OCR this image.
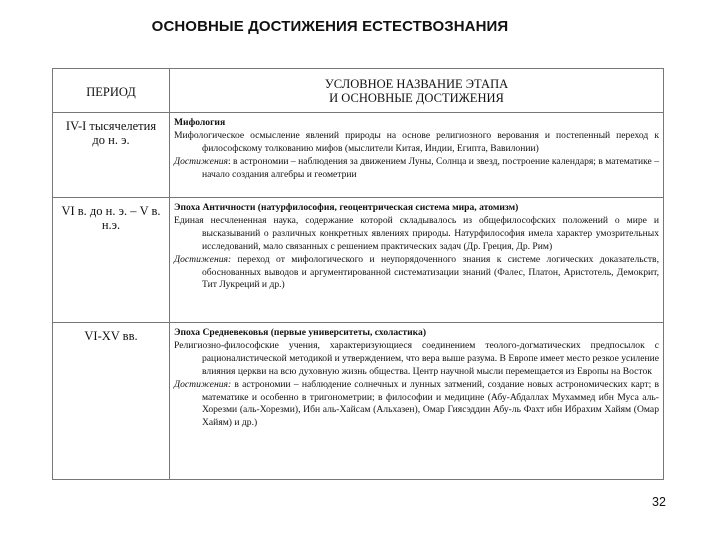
ОСНОВНЫЕ ДОСТИЖЕНИЯ ЕСТЕСТВОЗНАНИЯ
ПЕРИОД	УСЛОВНОЕ НАЗВАНИЕ ЭТАПА
И ОСНОВНЫЕ ДОСТИЖЕНИЯ
IV-I тысячелетия до н. э.	Мифология
Мифологическое осмысление явлений природы на основе религиозного верования и постепенный переход к философскому толкованию мифов (мыслители Китая, Индии, Египта, Вавилонии)
Достижения: в астрономии – наблюдения за движением Луны, Солнца и звезд, построение календаря; в математике – начало создания алгебры и геометрии

VI в. до н. э. – V в. н.э.	Эпоха Античности (натурфилософия, геоцентрическая система мира, атомизм)
Единая несчлененная наука, содержание которой складывалось из общефилософских положений о мире и высказываний о различных конкретных явлениях природы. Натурфилософия имела характер умозрительных исследований, мало связанных с решением практических задач (Др. Греция, Др. Рим)
Достижения: переход от мифологического и неупорядоченного знания к системе логических доказательств, обоснованных выводов и аргументированной систематизации знаний (Фалес, Платон, Аристотель, Демокрит, Тит Лукреций и др.)

VI-XV вв.	Эпоха Средневековья (первые университеты, схоластика)
Религиозно-философские учения, характеризующиеся соединением теолого-догматических предпосылок с рационалистической методикой и утверждением, что вера выше разума. В Европе имеет место резкое усиление влияния церкви на всю духовную жизнь общества. Центр научной мысли перемещается из Европы на Восток
Достижения: в астрономии – наблюдение солнечных и лунных затмений, создание новых астрономических карт; в математике и особенно в тригонометрии; в философии и медицине (Абу-Абдаллах Мухаммед ибн Муса аль-Хорезми (аль-Хорезми), Ибн аль-Хайсам (Альхазен), Омар Гиясэддин Абу-ль Фахт ибн Ибрахим Хайям (Омар Хайям) и др.)
32
